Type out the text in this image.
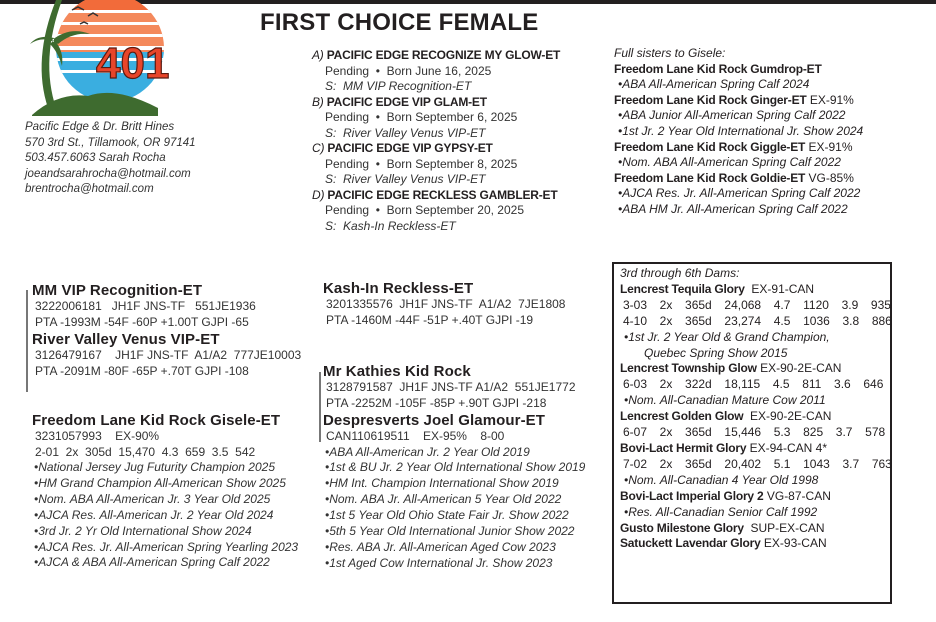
401
FIRST CHOICE FEMALE
Pacific Edge & Dr. Britt Hines
570 3rd St., Tillamook, OR 97141
503.457.6063 Sarah Rocha
joeandsarahrocha@hotmail.com
brentrocha@hotmail.com
A) PACIFIC EDGE RECOGNIZE MY GLOW-ET
Pending  •  Born June 16, 2025
S:  MM VIP Recognition-ET
B) PACIFIC EDGE VIP GLAM-ET
Pending  •  Born September 6, 2025
S:  River Valley Venus VIP-ET
C) PACIFIC EDGE VIP GYPSY-ET
Pending  •  Born September 8, 2025
S:  River Valley Venus VIP-ET
D) PACIFIC EDGE RECKLESS GAMBLER-ET
Pending  •  Born September 20, 2025
S:  Kash-In Reckless-ET
Full sisters to Gisele:
Freedom Lane Kid Rock Gumdrop-ET
•ABA All-American Spring Calf 2024
Freedom Lane Kid Rock Ginger-ET EX-91%
•ABA Junior All-American Spring Calf 2022
•1st Jr. 2 Year Old International Jr. Show 2024
Freedom Lane Kid Rock Giggle-ET EX-91%
•Nom. ABA All-American Spring Calf 2022
Freedom Lane Kid Rock Goldie-ET VG-85%
•AJCA Res. Jr. All-American Spring Calf 2022
•ABA HM Jr. All-American Spring Calf 2022
MM VIP Recognition-ET
3222006181   JH1F JNS-TF   551JE1936
PTA -1993M -54F -60P +1.00T GJPI -65
River Valley Venus VIP-ET
3126479167    JH1F JNS-TF  A1/A2  777JE10003
PTA -2091M -80F -65P +.70T GJPI -108
Freedom Lane Kid Rock Gisele-ET
3231057993    EX-90%
2-01  2x  305d  15,470  4.3  659  3.5  542
•National Jersey Jug Futurity Champion 2025
•HM Grand Champion All-American Show 2025
•Nom. ABA All-American Jr. 3 Year Old 2025
•AJCA Res. All-American Jr. 2 Year Old 2024
•3rd Jr. 2 Yr Old International Show 2024
•AJCA Res. Jr. All-American Spring Yearling 2023
•AJCA & ABA All-American Spring Calf 2022
Kash-In Reckless-ET
3201335576  JH1F JNS-TF  A1/A2  7JE1808
PTA -1460M -44F -51P +.40T GJPI -19
Mr Kathies Kid Rock
3128791587  JH1F JNS-TF A1/A2  551JE1772
PTA -2252M -105F -85P +.90T GJPI -218
Despresverts Joel Glamour-ET
CAN110619511    EX-95%    8-00
•ABA All-American Jr. 2 Year Old 2019
•1st & BU Jr. 2 Year Old International Show 2019
•HM Int. Champion International Show 2019
•Nom. ABA Jr. All-American 5 Year Old 2022
•1st 5 Year Old Ohio State Fair Jr. Show 2022
•5th 5 Year Old International Junior Show 2022
•Res. ABA Jr. All-American Aged Cow 2023
•1st Aged Cow International Jr. Show 2023
3rd through 6th Dams:
Lencrest Tequila Glory  EX-91-CAN
3-03  2x  365d  24,068  4.7  1120  3.9  935
4-10  2x  365d  23,274  4.5  1036  3.8  886
•1st Jr. 2 Year Old & Grand Champion,
Quebec Spring Show 2015
Lencrest Township Glow EX-90-2E-CAN
6-03  2x  322d  18,115  4.5  811  3.6  646
•Nom. All-Canadian Mature Cow 2011
Lencrest Golden Glow  EX-90-2E-CAN
6-07  2x  365d  15,446  5.3  825  3.7  578
Bovi-Lact Hermit Glory EX-94-CAN 4*
7-02  2x  365d  20,402  5.1  1043  3.7  763
•Nom. All-Canadian 4 Year Old 1998
Bovi-Lact Imperial Glory 2 VG-87-CAN
•Res. All-Canadian Senior Calf 1992
Gusto Milestone Glory  SUP-EX-CAN
Satuckett Lavendar Glory EX-93-CAN
